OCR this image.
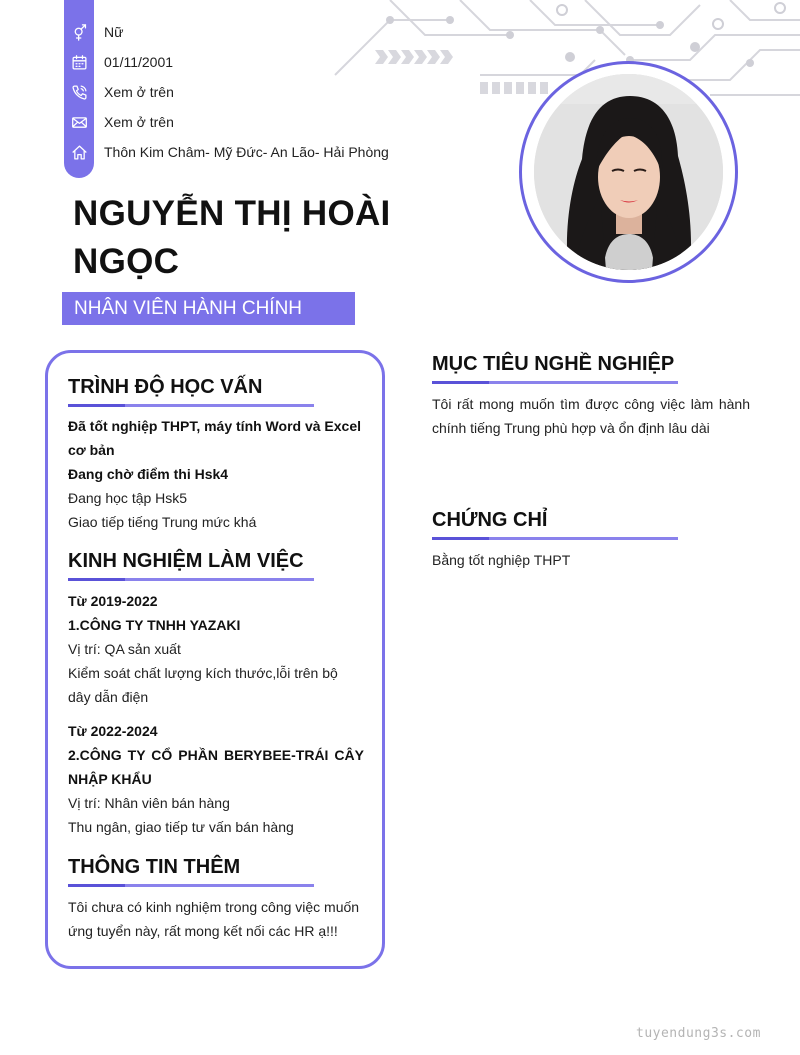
Nữ
01/11/2001
Xem ở trên
Xem ở trên
Thôn Kim Châm- Mỹ Đức- An Lão- Hải Phòng
NGUYỄN THỊ HOÀI
NGỌC
NHÂN VIÊN HÀNH CHÍNH
TRÌNH ĐỘ HỌC VẤN
Đã tốt nghiệp THPT, máy tính Word và Excel cơ bản
Đang chờ điểm thi Hsk4
Đang học tập Hsk5
Giao tiếp tiếng Trung mức khá
KINH NGHIỆM LÀM VIỆC
Từ 2019-2022
1.CÔNG TY TNHH YAZAKI
Vị trí: QA sản xuất
Kiểm soát chất lượng kích thước,lỗi trên bộ dây dẫn điện
Từ 2022-2024
2.CÔNG TY CỔ PHẦN BERYBEE-TRÁI CÂY NHẬP KHẨU
Vị trí: Nhân viên bán hàng
Thu ngân, giao tiếp tư vấn bán hàng
THÔNG TIN THÊM
Tôi chưa có kinh nghiệm trong công việc muốn ứng tuyển này, rất mong kết nối các HR ạ!!!
MỤC TIÊU NGHỀ NGHIỆP
Tôi rất mong muốn tìm được công việc làm hành chính tiếng Trung phù hợp và ổn định lâu dài
CHỨNG CHỈ
Bằng tốt nghiệp THPT
tuyendung3s.com
